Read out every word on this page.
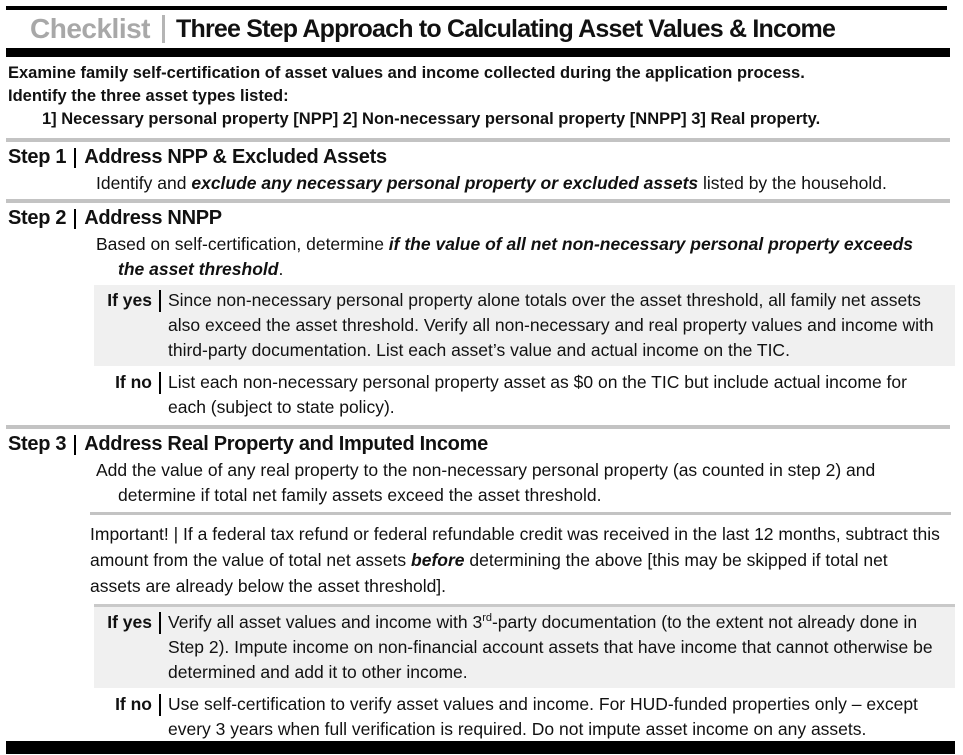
Checklist Three Step Approach to Calculating Asset Values & Income

Examine family self-certification of asset values and income collected during the application process.

Identify the three asset types listed:

1] Necessary personal property [NPP] 2] Non-necessary personal property [NNPP] 3] Real property.

Step 1 Address NPP & Excluded Assets

Identify and exclude any necessary personal property or excluded assets listed by the household.

Step 2 Address NNPP

Based on self-certification, determine if the value of all net non-necessary personal property exceeds the asset threshold.

If yes Since non-necessary personal property alone totals over the asset threshold, all family net assets also exceed the asset threshold. Verify all non-necessary and real property values and income with third-party documentation. List each asset’s value and actual income on the TIC.
If no List each non-necessary personal property asset as $0 on the TIC but include actual income for each (subject to state policy).
Step 3 Address Real Property and Imputed Income

Add the value of any real property to the non-necessary personal property (as counted in step 2) and determine if total net family assets exceed the asset threshold.

Important! | If a federal tax refund or federal refundable credit was received in the last 12 months, subtract this amount from the value of total net assets before determining the above [this may be skipped if total net assets are already below the asset threshold].

If yes Verify all asset values and income with 3rd-party documentation (to the extent not already done in Step 2). Impute income on non-financial account assets that have income that cannot otherwise be determined and add it to other income.
If no Use self-certification to verify asset values and income. For HUD-funded properties only – except every 3 years when full verification is required. Do not impute asset income on any assets.
